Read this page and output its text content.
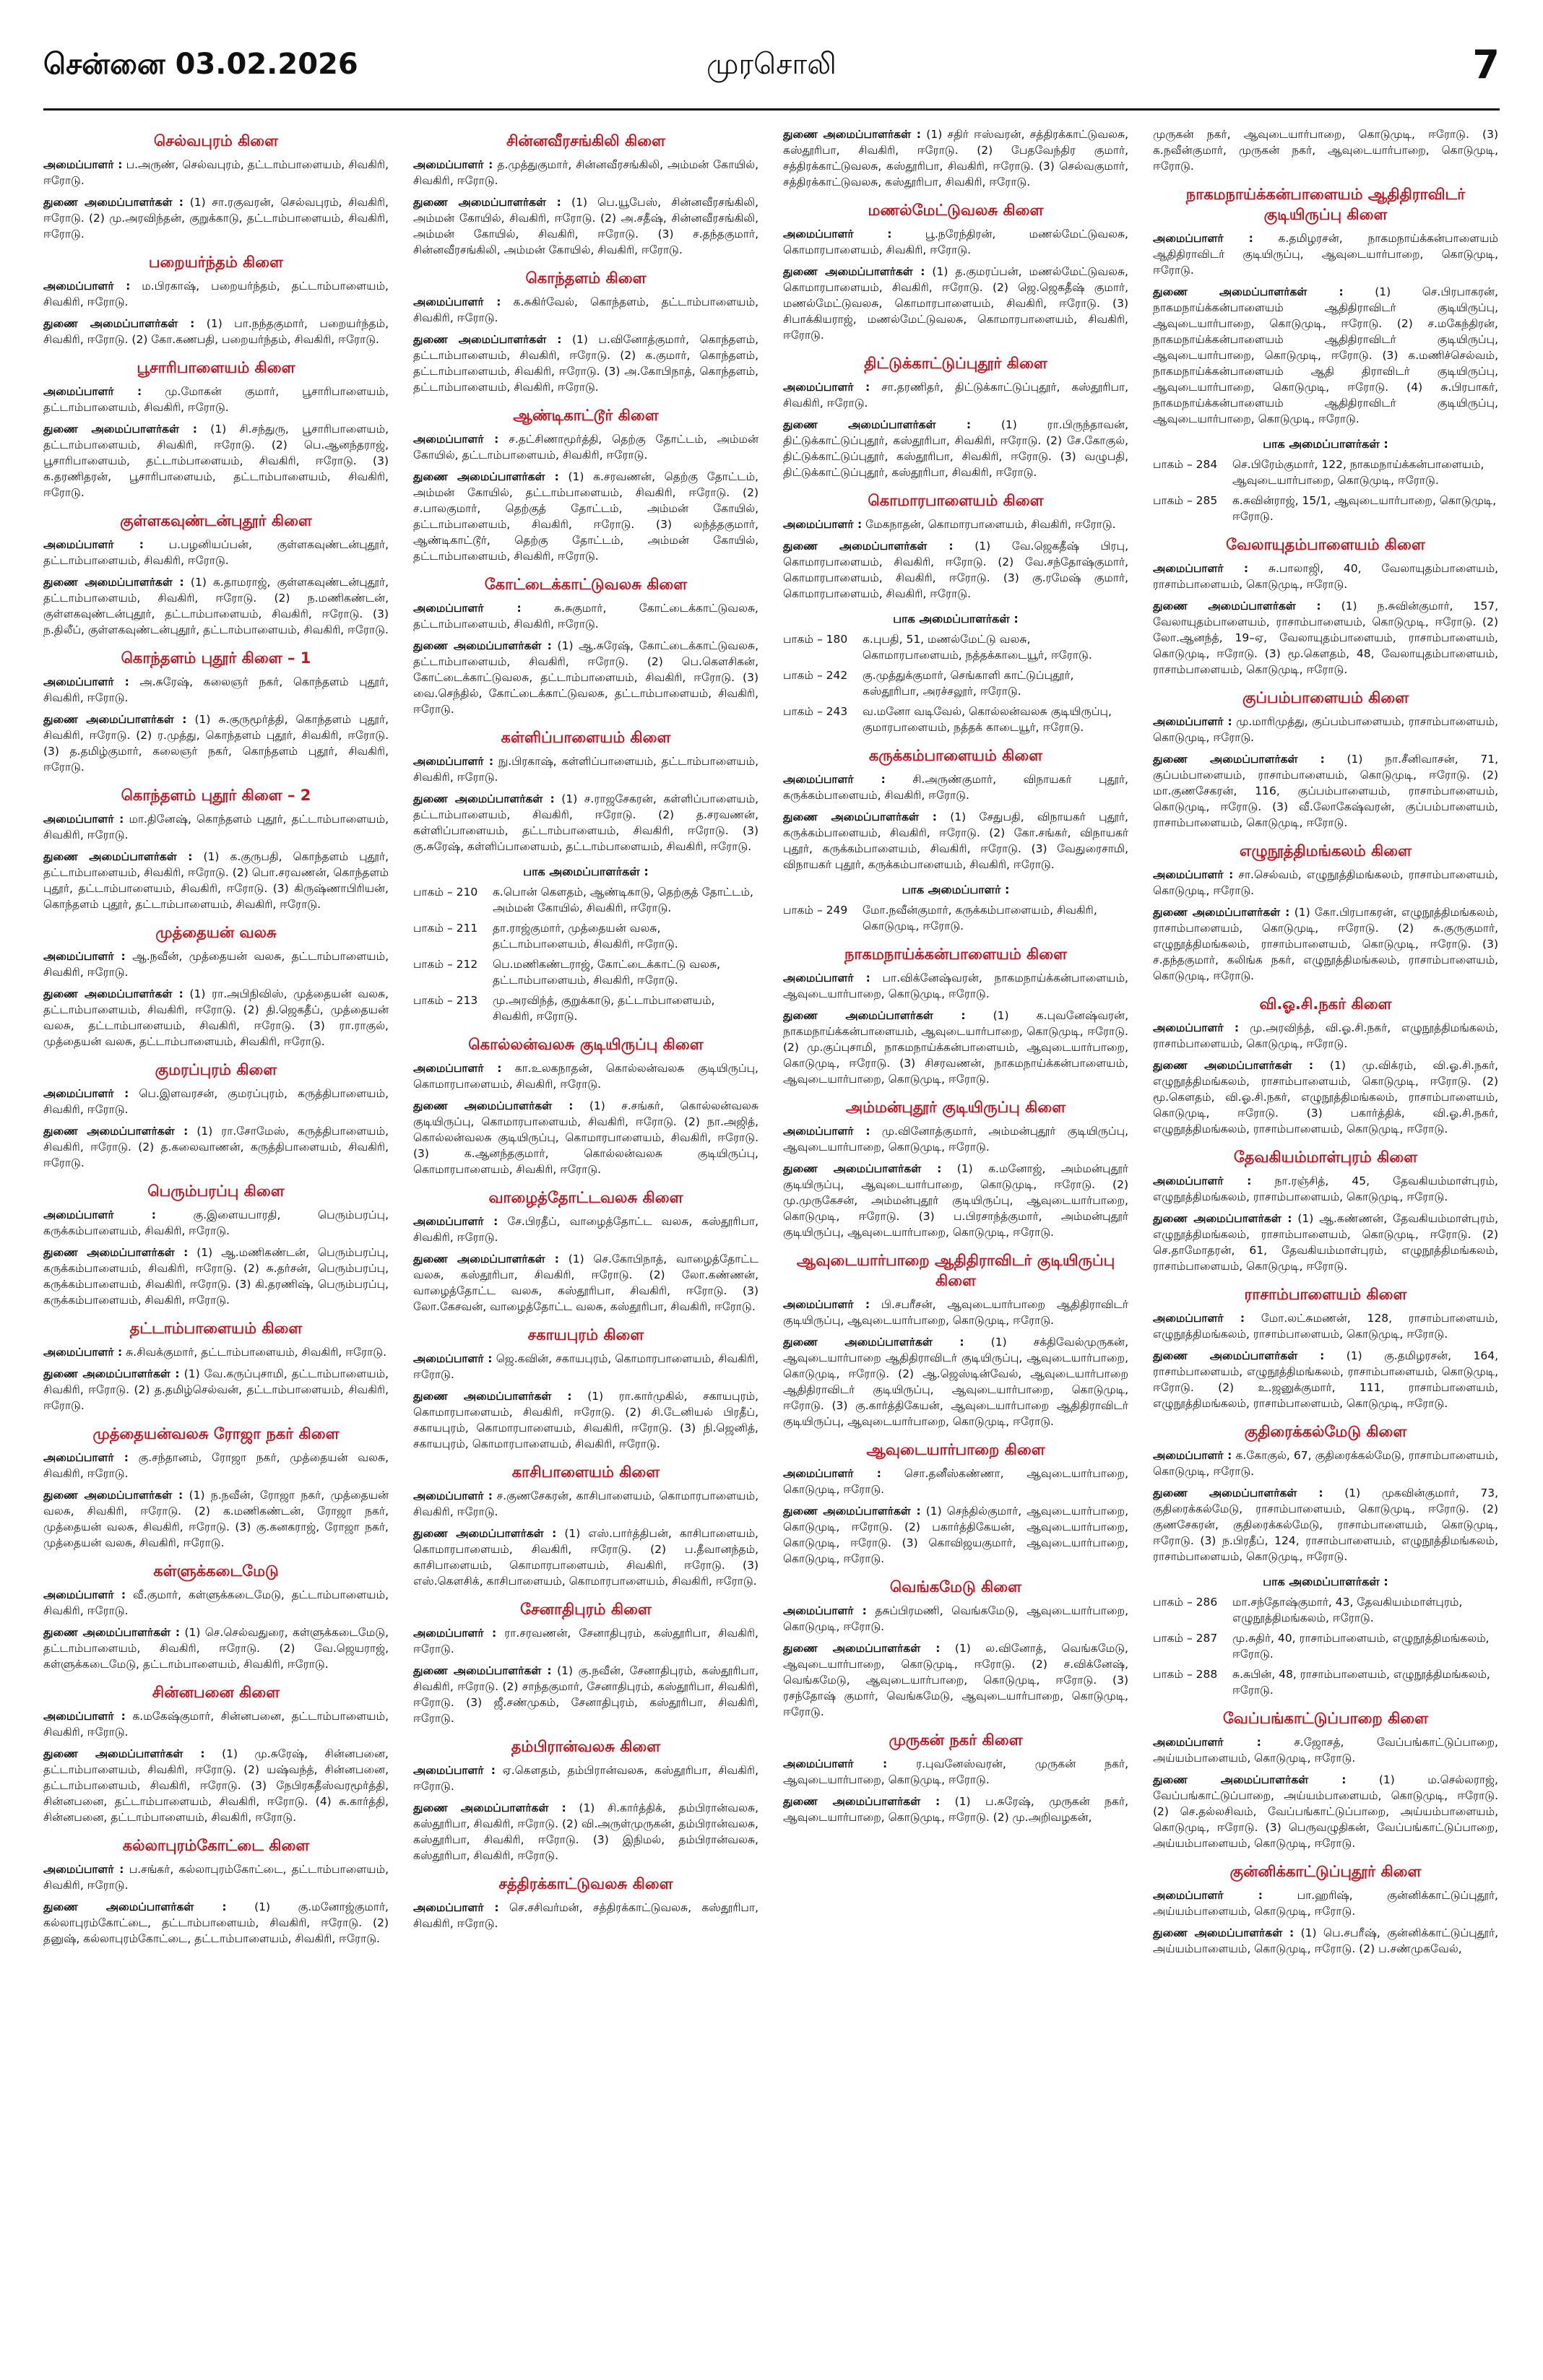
சென்னை 03.02.2026	முரசொலி	7
செல்வபுரம் கிளை
அமைப்பாளர் : ப.அருண், செல்வபுரம், தட்டாம்பாளையம், சிவகிரி, ஈரோடு.
துணை அமைப்பாளர்கள் : (1) சா.ரகுவரன், செல்வபுரம், சிவகிரி, ஈரோடு. (2) மு.அரவிந்தன், குறுக்காடு, தட்டாம்பாளையம், சிவகிரி, ஈரோடு.
பறையர்ந்தம் கிளை
அமைப்பாளர் : ம.பிரகாஷ், பறையர்ந்தம், தட்டாம்பாளையம், சிவகிரி, ஈரோடு.
துணை அமைப்பாளர்கள் : (1) பா.நந்தகுமார், பறையர்ந்தம், சிவகிரி, ஈரோடு. (2) கோ.கணபதி, பறையர்ந்தம், சிவகிரி, ஈரோடு.
பூசாரிபாளையம் கிளை
அமைப்பாளர் : மு.மோகன் குமார், பூசாரிபாளையம், தட்டாம்பாளையம், சிவகிரி, ஈரோடு.
துணை அமைப்பாளர்கள் : (1) சி.சந்துரு, பூசாரிபாளையம், தட்டாம்பாளையம், சிவகிரி, ஈரோடு. (2) பெ.ஆனந்தராஜ், பூசாரிபாளையம், தட்டாம்பாளையம், சிவகிரி, ஈரோடு. (3) க.தரணிதரன், பூசாரிபாளையம், தட்டாம்பாளையம், சிவகிரி, ஈரோடு.
குள்ளகவுண்டன்புதூர் கிளை
அமைப்பாளர் : ப.பழனியப்பன், குள்ளகவுண்டன்புதூர், தட்டாம்பாளையம், சிவகிரி, ஈரோடு.
துணை அமைப்பாளர்கள் : (1) க.தாமராஜ், குள்ளகவுண்டன்புதூர், தட்டாம்பாளையம், சிவகிரி, ஈரோடு. (2) ந.மணிகண்டன், குள்ளகவுண்டன்புதூர், தட்டாம்பாளையம், சிவகிரி, ஈரோடு. (3) ந.திலீப், குள்ளகவுண்டன்புதூர், தட்டாம்பாளையம், சிவகிரி, ஈரோடு.
கொந்தளம் புதூர் கிளை – 1
அமைப்பாளர் : அ.சுரேஷ், கலைஞர் நகர், கொந்தளம் புதூர், சிவகிரி, ஈரோடு.
துணை அமைப்பாளர்கள் : (1) சு.குருமூர்த்தி, கொந்தளம் புதூர், சிவகிரி, ஈரோடு. (2) ர.முத்து, கொந்தளம் புதூர், சிவகிரி, ஈரோடு. (3) த.தமிழ்குமார், கலைஞர் நகர், கொந்தளம் புதூர், சிவகிரி, ஈரோடு.
கொந்தளம் புதூர் கிளை – 2
அமைப்பாளர் : மா.தினேஷ், கொந்தளம் புதூர், தட்டாம்பாளையம், சிவகிரி, ஈரோடு.
துணை அமைப்பாளர்கள் : (1) க.குருபதி, கொந்தளம் புதூர், தட்டாம்பாளையம், சிவகிரி, ஈரோடு. (2) பொ.சரவணன், கொந்தளம் புதூர், தட்டாம்பாளையம், சிவகிரி, ஈரோடு. (3) கிருஷ்ணாபிரியன், கொந்தளம் புதூர், தட்டாம்பாளையம், சிவகிரி, ஈரோடு.
முத்தையன் வலசு
அமைப்பாளர் : ஆ.நவீன், முத்தையன் வலசு, தட்டாம்பாளையம், சிவகிரி, ஈரோடு.
துணை அமைப்பாளர்கள் : (1) ரா.அபிநிவிஸ், முத்தையன் வலசு, தட்டாம்பாளையம், சிவகிரி, ஈரோடு. (2) தி.ஜெகதீப், முத்தையன் வலசு, தட்டாம்பாளையம், சிவகிரி, ஈரோடு. (3) ரா.ராகுல், முத்தையன் வலசு, தட்டாம்பாளையம், சிவகிரி, ஈரோடு.
குமரப்புரம் கிளை
அமைப்பாளர் : பெ.இளவரசன், குமரப்புரம், கருத்திபாளையம், சிவகிரி, ஈரோடு.
துணை அமைப்பாளர்கள் : (1) ரா.சோமேஸ், கருத்திபாளையம், சிவகிரி, ஈரோடு. (2) த.கலைவாணன், கருத்திபாளையம், சிவகிரி, ஈரோடு.
பெரும்பரப்பு கிளை
அமைப்பாளர் :	கு.இளையபாரதி, பெரும்பரப்பு, கருக்கம்பாளையம், சிவகிரி, ஈரோடு.
துணை அமைப்பாளர்கள் : (1) ஆ.மணிகண்டன், பெரும்பரப்பு, கருக்கம்பாளையம், சிவகிரி, ஈரோடு. (2) சு.தர்சன், பெரும்பரப்பு, கருக்கம்பாளையம், சிவகிரி, ஈரோடு. (3) கி.தரணிஷ், பெரும்பரப்பு, கருக்கம்பாளையம், சிவகிரி, ஈரோடு.
தட்டாம்பாளையம் கிளை
அமைப்பாளர் : சு.சிவக்குமார், தட்டாம்பாளையம், சிவகிரி, ஈரோடு.
துணை அமைப்பாளர்கள் : (1) வே.கருப்புசாமி, தட்டாம்பாளையம், சிவகிரி, ஈரோடு. (2) த.தமிழ்செல்வன், தட்டாம்பாளையம், சிவகிரி, ஈரோடு.
முத்தையன்வலசு ரோஜா நகர் கிளை
அமைப்பாளர் : கு.சந்தானம், ரோஜா நகர், முத்தையன் வலசு, சிவகிரி, ஈரோடு.
துணை அமைப்பாளர்கள் : (1) ந.நவீன், ரோஜா நகர், முத்தையன் வலசு, சிவகிரி, ஈரோடு. (2) க.மணிகண்டன், ரோஜா நகர், முத்தையன் வலசு, சிவகிரி, ஈரோடு. (3) கு.கனகராஜ், ரோஜா நகர், முத்தையன் வலசு, சிவகிரி, ஈரோடு.
கள்ளுக்கடைமேடு
அமைப்பாளர் : வீ.குமார், கள்ளுக்கடைமேடு, தட்டாம்பாளையம், சிவகிரி, ஈரோடு.
துணை அமைப்பாளர்கள் : (1) செ.செல்வதுரை, கள்ளுக்கடைமேடு, தட்டாம்பாளையம், சிவகிரி, ஈரோடு. (2) வே.ஜெயராஜ், கள்ளுக்கடைமேடு, தட்டாம்பாளையம், சிவகிரி, ஈரோடு.
சின்னபனை கிளை
அமைப்பாளர் : க.மகேஷ்குமார், சின்னபனை, தட்டாம்பாளையம், சிவகிரி, ஈரோடு.
துணை அமைப்பாளர்கள் : (1) மு.சுரேஷ், சின்னபனை, தட்டாம்பாளையம், சிவகிரி, ஈரோடு. (2) யஷ்வந்த், சின்னபனை, தட்டாம்பாளையம், சிவகிரி, ஈரோடு. (3) நேபிரகதீஸ்வரமூர்த்தி, சின்னபனை, தட்டாம்பாளையம், சிவகிரி, ஈரோடு. (4) சு.கார்த்தி, சின்னபனை, தட்டாம்பாளையம், சிவகிரி, ஈரோடு.
கல்லாபுரம்கோட்டை கிளை
அமைப்பாளர் : ப.சங்கர், கல்லாபுரம்கோட்டை, தட்டாம்பாளையம், சிவகிரி, ஈரோடு.
துணை அமைப்பாளர்கள் : (1) கு.மனோஜ்குமார், கல்லாபுரம்கோட்டை, தட்டாம்பாளையம், சிவகிரி, ஈரோடு. (2) தனுஷ், கல்லாபுரம்கோட்டை, தட்டாம்பாளையம், சிவகிரி, ஈரோடு.
சின்னவீரசங்கிலி கிளை
அமைப்பாளர் : த.முத்துகுமார், சின்னவீரசங்கிலி, அம்மன் கோயில், சிவகிரி, ஈரோடு.
துணை அமைப்பாளர்கள் : (1) பெ.யூபேஸ், சின்னவீரசங்கிலி, அம்மன் கோயில், சிவகிரி, ஈரோடு. (2) அ.சதீஷ், சின்னவீரசங்கிலி, அம்மன் கோயில், சிவகிரி, ஈரோடு. (3) ச.தந்தகுமார், சின்னவீரசங்கிலி, அம்மன் கோயில், சிவகிரி, ஈரோடு.
கொந்தளம் கிளை
அமைப்பாளர் : க.சுகிர்வேல், கொந்தளம், தட்டாம்பாளையம், சிவகிரி, ஈரோடு.
துணை அமைப்பாளர்கள் : (1) ப.வினோத்குமார், கொந்தளம், தட்டாம்பாளையம், சிவகிரி, ஈரோடு. (2) க.குமார், கொந்தளம், தட்டாம்பாளையம், சிவகிரி, ஈரோடு. (3) அ.கோபிநாத், கொந்தளம், தட்டாம்பாளையம், சிவகிரி, ஈரோடு.
ஆண்டிகாட்டூர் கிளை
அமைப்பாளர் : ச.தட்சிணாமூர்த்தி, தெற்கு தோட்டம், அம்மன் கோயில், தட்டாம்பாளையம், சிவகிரி, ஈரோடு.
துணை அமைப்பாளர்கள் : (1) க.சரவணன், தெற்கு தோட்டம், அம்மன் கோயில், தட்டாம்பாளையம், சிவகிரி, ஈரோடு. (2) ச.பாலகுமார், தெற்குத் தோட்டம், அம்மன் கோயில், தட்டாம்பாளையம், சிவகிரி, ஈரோடு. (3) லந்த்தகுமார், ஆண்டிகாட்டூர், தெற்கு தோட்டம், அம்மன் கோயில், தட்டாம்பாளையம், சிவகிரி, ஈரோடு.
கோட்டைக்காட்டுவலசு கிளை
அமைப்பாளர் :	சு.சுகுமார், கோட்டைக்காட்டுவலசு, தட்டாம்பாளையம், சிவகிரி, ஈரோடு.
துணை அமைப்பாளர்கள் : (1) ஆ.சுரேஷ், கோட்டைக்காட்டுவலசு, தட்டாம்பாளையம், சிவகிரி, ஈரோடு. (2) பெ.கௌசிகன், கோட்டைக்காட்டுவலசு, தட்டாம்பாளையம், சிவகிரி, ஈரோடு. (3) வை.செந்தில், கோட்டைக்காட்டுவலசு, தட்டாம்பாளையம், சிவகிரி, ஈரோடு.
கள்ளிப்பாளையம் கிளை
அமைப்பாளர் : நு.பிரகாஷ், கள்ளிப்பாளையம், தட்டாம்பாளையம், சிவகிரி, ஈரோடு.
துணை அமைப்பாளர்கள் : (1) ச.ராஜசேகரன், கள்ளிப்பாளையம், தட்டாம்பாளையம், சிவகிரி, ஈரோடு. (2) த.சரவணன், கள்ளிப்பாளையம், தட்டாம்பாளையம், சிவகிரி, ஈரோடு. (3) கு.சுரேஷ், கள்ளிப்பாளையம், தட்டாம்பாளையம், சிவகிரி, ஈரோடு.
பாக அமைப்பாளர்கள் :
பாகம் – 210	க.பொன் கௌதம், ஆண்டிகாடு, தெற்குத் தோட்டம், அம்மன் கோயில், சிவகிரி, ஈரோடு.
பாகம் – 211	தா.ராஜ்குமார், முத்தையன் வலசு, தட்டாம்பாளையம், சிவகிரி, ஈரோடு.
பாகம் – 212	பெ.மணிகண்டராஜ், கோட்டைக்காட்டு வலசு, தட்டாம்பாளையம், சிவகிரி, ஈரோடு.
பாகம் – 213	மு.அரவிந்த், குறுக்காடு, தட்டாம்பாளையம், சிவகிரி, ஈரோடு.
கொல்லன்வலசு குடியிருப்பு கிளை
அமைப்பாளர் : கா.உலகநாதன், கொல்லன்வலசு குடியிருப்பு, கொமாரபாளையம், சிவகிரி, ஈரோடு.
துணை அமைப்பாளர்கள் : (1) ச.சங்கர், கொல்லன்வலசு குடியிருப்பு, கொமாரபாளையம், சிவகிரி, ஈரோடு. (2) நா.அஜித், கொல்லன்வலசு குடியிருப்பு, கொமாரபாளையம், சிவகிரி, ஈரோடு. (3) க.ஆனந்தகுமார், கொல்லன்வலசு குடியிருப்பு, கொமாரபாளையம், சிவகிரி, ஈரோடு.
வாழைத்தோட்டவலசு கிளை
அமைப்பாளர் : சே.பிரதீப், வாழைத்தோட்ட வலசு, கஸ்தூரிபா, சிவகிரி, ஈரோடு.
துணை அமைப்பாளர்கள் : (1) செ.கோபிநாத், வாழைத்தோட்ட வலசு, கஸ்தூரிபா, சிவகிரி, ஈரோடு. (2) லோ.கண்ணன், வாழைத்தோட்ட வலசு, கஸ்தூரிபா, சிவகிரி, ஈரோடு. (3) லோ.கேசவன், வாழைத்தோட்ட வலசு, கஸ்தூரிபா, சிவகிரி, ஈரோடு.
சகாயபுரம் கிளை
அமைப்பாளர் : ஜெ.கவின், சகாயபுரம், கொமாரபாளையம், சிவகிரி, ஈரோடு.
துணை அமைப்பாளர்கள் : (1) ரா.கார்முகில், சகாயபுரம், கொமாரபாளையம், சிவகிரி, ஈரோடு. (2) சி.டேனியல் பிரதீப், சகாயபுரம், கொமாரபாளையம், சிவகிரி, ஈரோடு. (3) நி.ஜெனித், சகாயபுரம், கொமாரபாளையம், சிவகிரி, ஈரோடு.
காசிபாளையம் கிளை
அமைப்பாளர் : ச.குணசேகரன், காசிபாளையம், கொமாரபாளையம், சிவகிரி, ஈரோடு.
துணை அமைப்பாளர்கள் : (1) எஸ்.பார்த்திபன், காசிபாளையம், கொமாரபாளையம், சிவகிரி, ஈரோடு. (2) ப.தீவானந்தம், காசிபாளையம், கொமாரபாளையம், சிவகிரி, ஈரோடு. (3) எஸ்.கௌசிக், காசிபாளையம், கொமாரபாளையம், சிவகிரி, ஈரோடு.
சேனாதிபுரம் கிளை
அமைப்பாளர் : ரா.சரவணன், சேனாதிபுரம், கஸ்தூரிபா, சிவகிரி, ஈரோடு.
துணை அமைப்பாளர்கள் : (1) கு.நவீன், சேனாதிபுரம், கஸ்தூரிபா, சிவகிரி, ஈரோடு. (2) சாந்தகுமார், சேனாதிபுரம், கஸ்தூரிபா, சிவகிரி, ஈரோடு. (3) ஜீ.சண்முகம், சேனாதிபுரம், கஸ்தூரிபா, சிவகிரி, ஈரோடு.
தம்பிரான்வலசு கிளை
அமைப்பாளர் : ஏ.கௌதம், தம்பிரான்வலசு, கஸ்தூரிபா, சிவகிரி, ஈரோடு.
துணை அமைப்பாளர்கள் : (1) சி.கார்த்திக், தம்பிரான்வலசு, கஸ்தூரிபா, சிவகிரி, ஈரோடு. (2) வி.அருள்முருகன், தம்பிரான்வலசு, கஸ்தூரிபா, சிவகிரி, ஈரோடு. (3) இநிமல், தம்பிரான்வலசு, கஸ்தூரிபா, சிவகிரி, ஈரோடு.
சத்திரக்காட்டுவலசு கிளை
அமைப்பாளர் : செ.சசிவர்மன், சத்திரக்காட்டுவலசு, கஸ்தூரிபா, சிவகிரி, ஈரோடு.
துணை அமைப்பாளர்கள் : (1) சதிர் ஈஸ்வரன், சத்திரக்காட்டுவலசு, கஸ்தூரிபா, சிவகிரி, ஈரோடு. (2) பேதவேந்திர குமார், சத்திரக்காட்டுவலசு, கஸ்தூரிபா, சிவகிரி, ஈரோடு. (3) செல்வகுமார், சத்திரக்காட்டுவலசு, கஸ்தூரிபா, சிவகிரி, ஈரோடு.
மணல்மேட்டுவலசு கிளை
அமைப்பாளர் :	பூ.நரேந்திரன், மணல்மேட்டுவலசு, கொமாரபாளையம், சிவகிரி, ஈரோடு.
துணை அமைப்பாளர்கள் : (1) த.குமரப்பன், மணல்மேட்டுவலசு, கொமாரபாளையம், சிவகிரி, ஈரோடு. (2) ஜெ.ஜெகதீஷ் குமார், மணல்மேட்டுவலசு, கொமாரபாளையம், சிவகிரி, ஈரோடு. (3) சிபாக்கியராஜ், மணல்மேட்டுவலசு, கொமாரபாளையம், சிவகிரி, ஈரோடு.
திட்டுக்காட்டுப்புதூர் கிளை
அமைப்பாளர் : சா.தரணிதர், திட்டுக்காட்டுப்புதூர், கஸ்தூரிபா, சிவகிரி, ஈரோடு.
துணை அமைப்பாளர்கள் :	(1) ரா.பிருந்தாவன், திட்டுக்காட்டுப்புதூர், கஸ்தூரிபா, சிவகிரி, ஈரோடு. (2) சே.கோகுல், திட்டுக்காட்டுப்புதூர், கஸ்தூரிபா, சிவகிரி, ஈரோடு. (3) வழுபதி, திட்டுக்காட்டுப்புதூர், கஸ்தூரிபா, சிவகிரி, ஈரோடு.
கொமாரபாளையம் கிளை
அமைப்பாளர் : மேகநாதன், கொமாரபாளையம், சிவகிரி, ஈரோடு.
துணை அமைப்பாளர்கள் : (1) வே.ஜெகதீஷ் பிரபு, கொமாரபாளையம், சிவகிரி, ஈரோடு. (2) வே.சந்தோஷ்குமார், கொமாரபாளையம், சிவகிரி, ஈரோடு. (3) கு.ரமேஷ் குமார், கொமாரபாளையம், சிவகிரி, ஈரோடு.
பாக அமைப்பாளர்கள் :
பாகம் – 180	க.புபதி, 51, மணல்மேட்டு வலசு, கொமாரபாளையம், நத்தக்காடையூர், ஈரோடு.
பாகம் – 242	கு.முத்துக்குமார், செங்காளி காட்டுப்புதூர், கஸ்தூரிபா, அரச்சலூர், ஈரோடு.
பாகம் – 243	வ.மனோ வடிவேல், கொல்லன்வலசு குடியிருப்பு, குமாரபாளையம், நத்தக் காடையூர், ஈரோடு.
கருக்கம்பாளையம் கிளை
அமைப்பாளர் : சி.அருண்குமார், விநாயகர் புதூர், கருக்கம்பாளையம், சிவகிரி, ஈரோடு.
துணை அமைப்பாளர்கள் : (1) சேதுபதி, விநாயகர் புதூர், கருக்கம்பாளையம், சிவகிரி, ஈரோடு. (2) கோ.சங்கர், விநாயகர் புதூர், கருக்கம்பாளையம், சிவகிரி, ஈரோடு. (3) வேதுரைசாமி, விநாயகர் புதூர், கருக்கம்பாளையம், சிவகிரி, ஈரோடு.
பாக அமைப்பாளர் :
பாகம் – 249	மோ.நவீன்குமார், கருக்கம்பாளையம், சிவகிரி, கொடுமுடி, ஈரோடு.
நாகமநாய்க்கன்பாளையம் கிளை
அமைப்பாளர் : பா.விக்னேஷ்வரன், நாகமநாய்க்கன்பாளையம், ஆவுடையார்பாறை, கொடுமுடி, ஈரோடு.
துணை அமைப்பாளர்கள் : (1) க.புவனேஷ்வரன், நாகமநாய்க்கன்பாளையம், ஆவுடையார்பாறை, கொடுமுடி, ஈரோடு. (2) மு.குப்புசாமி, நாகமநாய்க்கன்பாளையம், ஆவுடையார்பாறை, கொடுமுடி, ஈரோடு. (3) சிசரவணன், நாகமநாய்க்கன்பாளையம், ஆவுடையார்பாறை, கொடுமுடி, ஈரோடு.
அம்மன்புதூர் குடியிருப்பு கிளை
அமைப்பாளர் : மு.வினோத்குமார், அம்மன்புதூர் குடியிருப்பு, ஆவுடையார்பாறை, கொடுமுடி, ஈரோடு.
துணை அமைப்பாளர்கள் : (1) க.மனோஜ், அம்மன்புதூர் குடியிருப்பு, ஆவுடையார்பாறை, கொடுமுடி, ஈரோடு. (2) மு.முருகேசன், அம்மன்புதூர் குடியிருப்பு, ஆவுடையார்பாறை, கொடுமுடி, ஈரோடு. (3) ப.பிரசாந்த்குமார், அம்மன்புதூர் குடியிருப்பு, ஆவுடையார்பாறை, கொடுமுடி, ஈரோடு.
ஆவுடையார்பாறை ஆதிதிராவிடர் குடியிருப்பு கிளை
அமைப்பாளர் : பி.சபரீசன், ஆவுடையார்பாறை ஆதிதிராவிடர் குடியிருப்பு, ஆவுடையார்பாறை, கொடுமுடி, ஈரோடு.
துணை அமைப்பாளர்கள் : (1) சக்திவேல்முருகன், ஆவுடையார்பாறை ஆதிதிராவிடர் குடியிருப்பு, ஆவுடையார்பாறை, கொடுமுடி, ஈரோடு. (2) ஆ.ஜெஸ்டின்வேல், ஆவுடையார்பாறை ஆதிதிராவிடர் குடியிருப்பு, ஆவுடையார்பாறை, கொடுமுடி, ஈரோடு. (3) கு.கார்த்திகேயன், ஆவுடையார்பாறை ஆதிதிராவிடர் குடியிருப்பு, ஆவுடையார்பாறை, கொடுமுடி, ஈரோடு.
ஆவுடையார்பாறை கிளை
அமைப்பாளர் : சொ.தனீஸ்கண்ணா, ஆவுடையார்பாறை, கொடுமுடி, ஈரோடு.
துணை அமைப்பாளர்கள் : (1) செந்தில்குமார், ஆவுடையார்பாறை, கொடுமுடி, ஈரோடு. (2) பகார்த்திகேயன், ஆவுடையார்பாறை, கொடுமுடி, ஈரோடு. (3) கொவிஜயகுமார், ஆவுடையார்பாறை, கொடுமுடி, ஈரோடு.
வெங்கமேடு கிளை
அமைப்பாளர் : தசுப்பிரமணி, வெங்கமேடு, ஆவுடையார்பாறை, கொடுமுடி, ஈரோடு.
துணை அமைப்பாளர்கள் : (1) ல.வினோத், வெங்கமேடு, ஆவுடையார்பாறை, கொடுமுடி, ஈரோடு. (2) ச.விக்னேஷ், வெங்கமேடு, ஆவுடையார்பாறை, கொடுமுடி, ஈரோடு. (3) ரசந்தோஷ் குமார், வெங்கமேடு, ஆவுடையார்பாறை, கொடுமுடி, ஈரோடு.
முருகன் நகர் கிளை
அமைப்பாளர் :	ர.புவனேஸ்வரன், முருகன் நகர், ஆவுடையார்பாறை, கொடுமுடி, ஈரோடு.
துணை அமைப்பாளர்கள் : (1) ப.சுரேஷ், முருகன் நகர், ஆவுடையார்பாறை, கொடுமுடி, ஈரோடு. (2) மு.அறிவழகன்,
முருகன் நகர், ஆவுடையார்பாறை, கொடுமுடி, ஈரோடு. (3) க.நவீன்குமார், முருகன் நகர், ஆவுடையார்பாறை, கொடுமுடி, ஈரோடு.
நாகமநாய்க்கன்பாளையம் ஆதிதிராவிடர் குடியிருப்பு கிளை
அமைப்பாளர் : க.தமிழரசன், நாகமநாய்க்கன்பாளையம் ஆதிதிராவிடர் குடியிருப்பு, ஆவுடையார்பாறை, கொடுமுடி, ஈரோடு.
துணை அமைப்பாளர்கள் :	(1) செ.பிரபாகரன், நாகமநாய்க்கன்பாளையம் ஆதிதிராவிடர் குடியிருப்பு, ஆவுடையார்பாறை, கொடுமுடி, ஈரோடு. (2) ச.மகேந்திரன், நாகமநாய்க்கன்பாளையம் ஆதிதிராவிடர் குடியிருப்பு, ஆவுடையார்பாறை, கொடுமுடி, ஈரோடு. (3) க.மணிச்செல்வம், நாகமநாய்க்கன்பாளையம் ஆதி திராவிடர் குடியிருப்பு, ஆவுடையார்பாறை, கொடுமுடி, ஈரோடு. (4) சு.பிரபாகர், நாகமநாய்க்கன்பாளையம் ஆதிதிராவிடர் குடியிருப்பு, ஆவுடையார்பாறை, கொடுமுடி, ஈரோடு.
பாக அமைப்பாளர்கள் :
பாகம் – 284	செ.பிரேம்குமார், 122, நாகமநாய்க்கன்பாளையம், ஆவுடையார்பாறை, கொடுமுடி, ஈரோடு.
பாகம் – 285	க.சுவின்ராஜ், 15/1, ஆவுடையார்பாறை, கொடுமுடி, ஈரோடு.
வேலாயுதம்பாளையம் கிளை
அமைப்பாளர் : சு.பாலாஜி, 40, வேலாயுதம்பாளையம், ராசாம்பாளையம், கொடுமுடி, ஈரோடு.
துணை அமைப்பாளர்கள் : (1) ந.சுவின்குமார், 157, வேலாயுதம்பாளையம், ராசாம்பாளையம், கொடுமுடி, ஈரோடு. (2) லோ.ஆனந்த், 19–ஏ, வேலாயுதம்பாளையம், ராசாம்பாளையம், கொடுமுடி, ஈரோடு. (3) மூ.கௌதம், 48, வேலாயுதம்பாளையம், ராசாம்பாளையம், கொடுமுடி, ஈரோடு.
குப்பம்பாளையம் கிளை
அமைப்பாளர் : மு.மாரிமுத்து, குப்பம்பாளையம், ராசாம்பாளையம், கொடுமுடி, ஈரோடு.
துணை அமைப்பாளர்கள் : (1) நா.சீனிவாசன், 71, குப்பம்பாளையம், ராசாம்பாளையம், கொடுமுடி, ஈரோடு. (2) மா.குணசேகரன், 116, குப்பம்பாளையம், ராசாம்பாளையம், கொடுமுடி, ஈரோடு. (3) வீ.லோகேஷ்வரன், குப்பம்பாளையம், ராசாம்பாளையம், கொடுமுடி, ஈரோடு.
எழுநூத்திமங்கலம் கிளை
அமைப்பாளர் : சா.செல்வம், எழுநூத்திமங்கலம், ராசாம்பாளையம், கொடுமுடி, ஈரோடு.
துணை அமைப்பாளர்கள் : (1) கோ.பிரபாகரன், எழுநூத்திமங்கலம், ராசாம்பாளையம், கொடுமுடி, ஈரோடு. (2) சு.குருகுமார், எழுநூத்திமங்கலம், ராசாம்பாளையம், கொடுமுடி, ஈரோடு. (3) ச.தந்தகுமார், கலிங்க நகர், எழுநூத்திமங்கலம், ராசாம்பாளையம், கொடுமுடி, ஈரோடு.
வி.ஓ.சி.நகர் கிளை
அமைப்பாளர் : மு.அரவிந்த், வி.ஓ.சி.நகர், எழுநூத்திமங்கலம், ராசாம்பாளையம், கொடுமுடி, ஈரோடு.
துணை அமைப்பாளர்கள் : (1) மு.விக்ரம், வி.ஓ.சி.நகர், எழுநூத்திமங்கலம், ராசாம்பாளையம், கொடுமுடி, ஈரோடு. (2) மூ.கௌதம், வி.ஓ.சி.நகர், எழுநூத்திமங்கலம், ராசாம்பாளையம், கொடுமுடி, ஈரோடு. (3) பகார்த்திக், வி.ஓ.சி.நகர், எழுநூத்திமங்கலம், ராசாம்பாளையம், கொடுமுடி, ஈரோடு.
தேவகியம்மாள்புரம் கிளை
அமைப்பாளர் : நா.ரஞ்சித், 45, தேவகியம்மாள்புரம், எழுநூத்திமங்கலம், ராசாம்பாளையம், கொடுமுடி, ஈரோடு.
துணை அமைப்பாளர்கள் : (1) ஆ.கண்ணன், தேவகியம்மாள்புரம், எழுநூத்திமங்கலம், ராசாம்பாளையம், கொடுமுடி, ஈரோடு. (2) செ.தாமோதரன், 61, தேவகியம்மாள்புரம், எழுநூத்திமங்கலம், ராசாம்பாளையம், கொடுமுடி, ஈரோடு.
ராசாம்பாளையம் கிளை
அமைப்பாளர் : மோ.லட்சுமணன், 128, ராசாம்பாளையம், எழுநூத்திமங்கலம், ராசாம்பாளையம், கொடுமுடி, ஈரோடு.
துணை அமைப்பாளர்கள் : (1) கு.தமிழரசன், 164, ராசாம்பாளையம், எழுநூத்திமங்கலம், ராசாம்பாளையம், கொடுமுடி, ஈரோடு. (2) உ.ஜனுக்குமார், 111, ராசாம்பாளையம், எழுநூத்திமங்கலம், ராசாம்பாளையம், கொடுமுடி, ஈரோடு.
குதிரைக்கல்மேடு கிளை
அமைப்பாளர் : க.கோகுல், 67, குதிரைக்கல்மேடு, ராசாம்பாளையம், கொடுமுடி, ஈரோடு.
துணை அமைப்பாளர்கள் : (1) முகவின்குமார், 73, குதிரைக்கல்மேடு, ராசாம்பாளையம், கொடுமுடி, ஈரோடு. (2) குணசேகரன், குதிரைக்கல்மேடு, ராசாம்பாளையம், கொடுமுடி, ஈரோடு. (3) ந.பிரதீப், 124, ராசாம்பாளையம், எழுநூத்திமங்கலம், ராசாம்பாளையம், கொடுமுடி, ஈரோடு.
பாக அமைப்பாளர்கள் :
பாகம் – 286	மா.சந்தோஷ்குமார், 43, தேவகியம்மாள்புரம், எழுநூத்திமங்கலம், ஈரோடு.
பாகம் – 287	மு.சுதிர், 40, ராசாம்பாளையம், எழுநூத்திமங்கலம், ஈரோடு.
பாகம் – 288	சு.சுபின், 48, ராசாம்பாளையம், எழுநூத்திமங்கலம், ஈரோடு.
வேப்பங்காட்டுப்பாறை கிளை
அமைப்பாளர் :	ச.ஜோசத், வேப்பங்காட்டுப்பாறை, அய்யம்பாளையம், கொடுமுடி, ஈரோடு.
துணை அமைப்பாளர்கள் :	(1) ம.செல்லராஜ், வேப்பங்காட்டுப்பாறை, அய்யம்பாளையம், கொடுமுடி, ஈரோடு. (2) செ.தல்லசிவம், வேப்பங்காட்டுப்பாறை, அய்யம்பாளையம், கொடுமுடி, ஈரோடு. (3) பெருவழுதிகன், வேப்பங்காட்டுப்பாறை, அய்யம்பாளையம், கொடுமுடி, ஈரோடு.
குன்னிக்காட்டுப்புதூர் கிளை
அமைப்பாளர் :	பா.ஹரிஷ், குன்னிக்காட்டுப்புதூர், அய்யம்பாளையம், கொடுமுடி, ஈரோடு.
துணை அமைப்பாளர்கள் : (1) பெ.சபரீஷ், குன்னிக்காட்டுப்புதூர், அய்யம்பாளையம், கொடுமுடி, ஈரோடு. (2) ப.சண்முகவேல்,
